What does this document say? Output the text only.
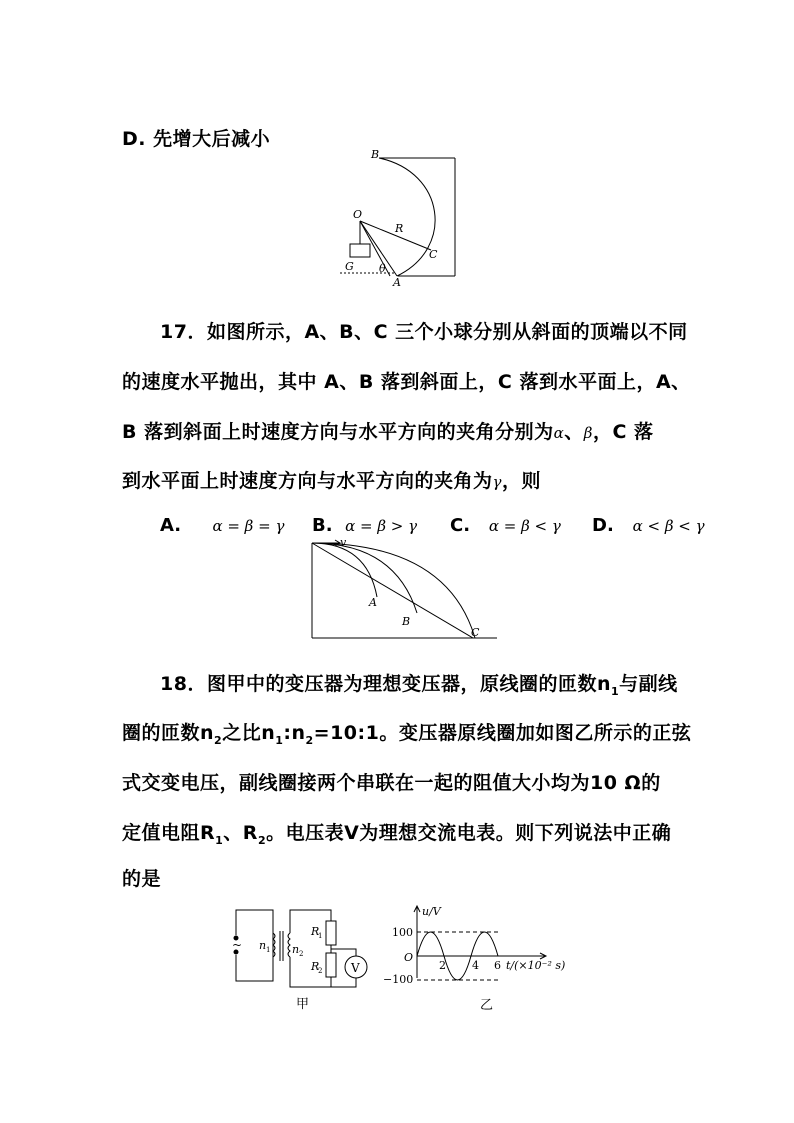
D. 先增大后减小
B
O
R
C
G θ
A
17．如图所示，A、B、C 三个小球分别从斜面的顶端以不同
的速度水平抛出，其中 A、B 落到斜面上，C 落到水平面上，A、
B 落到斜面上时速度方向与水平方向的夹角分别为α、β，C 落
到水平面上时速度方向与水平方向的夹角为γ，则
A. α = β = γ B. α = β > γ C. α = β < γ D. α < β < γ
v
A
B
C
18．图甲中的变压器为理想变压器，原线圈的匝数$n_1$与副线
圈的匝数$n_2$之比$n_1:n_2=10:1$。变压器原线圈加如图乙所示的正弦
式交变电压，副线圈接两个串联在一起的阻值大小均为10 Ω的
定值电阻$R_1$、$R_2$。电压表V为理想交流电表。则下列说法中正确
的是
~ n 1 n 2
R
1
R
2 V
甲
u/V
100
O
−100
2 4 6 t/(×10⁻² s)
乙
